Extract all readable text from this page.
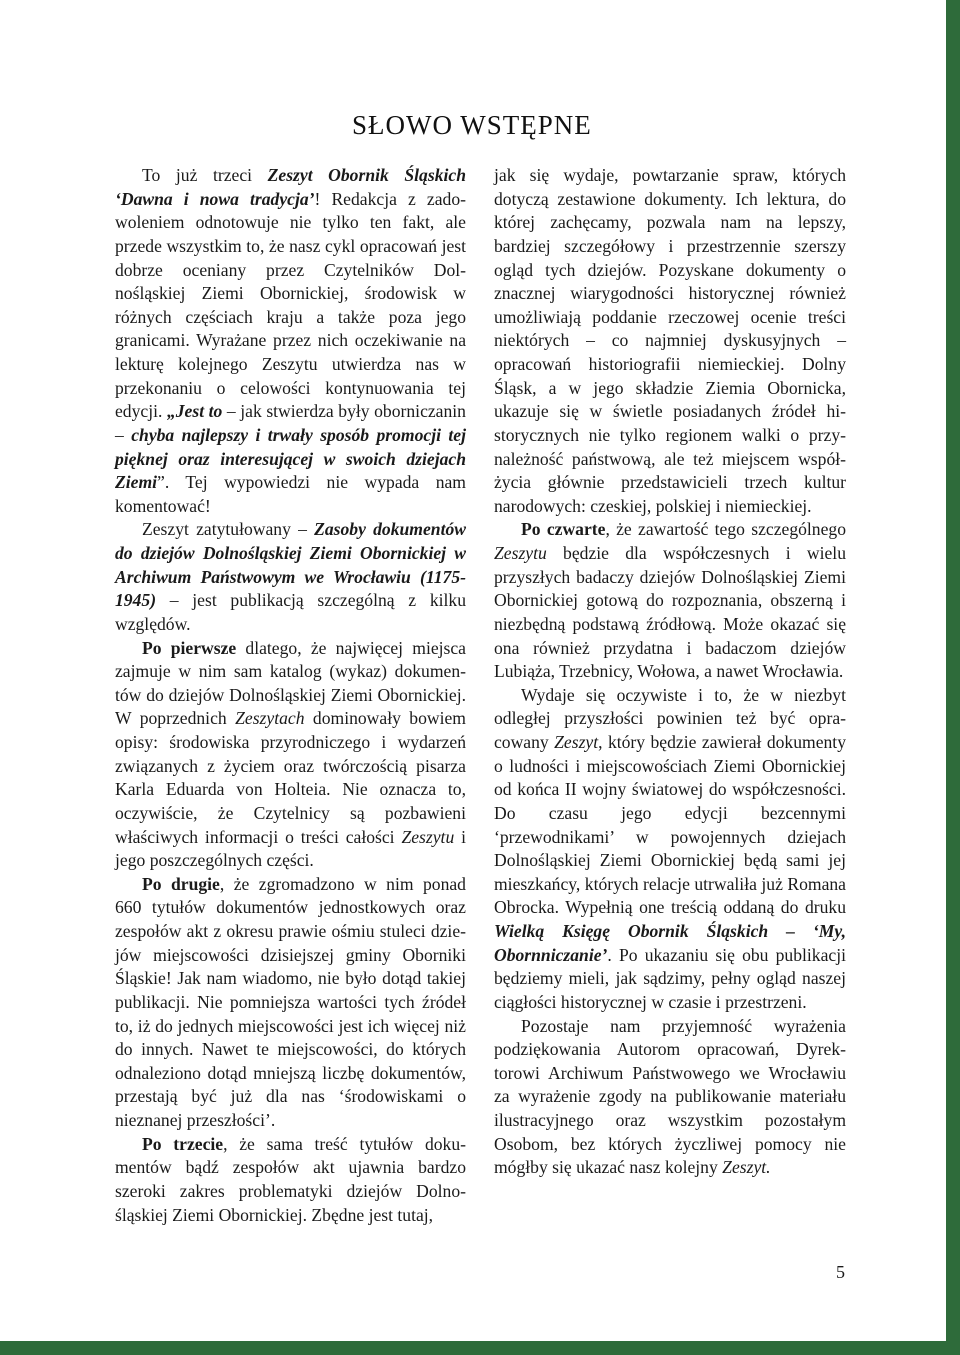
SŁOWO WSTĘPNE

To już trzeci Zeszyt Obornik Śląskich ‘Dawna i nowa tradycja’! Redakcja z zadowoleniem odnotowuje nie tylko ten fakt, ale przede wszystkim to, że nasz cykl opracowań jest dobrze oceniany przez Czytelników Dolnośląskiej Ziemi Obornickiej, środowisk w różnych częściach kraju a także poza jego granicami. Wyrażane przez nich oczekiwanie na lekturę kolejnego Zeszytu utwierdza nas w przekonaniu o celowości kontynuowania tej edycji. „Jest to – jak stwierdza były oborniczanin – chyba najlepszy i trwały sposób promocji tej pięknej oraz interesującej w swoich dziejach Ziemi”. Tej wypowiedzi nie wypada nam komentować!

Zeszyt zatytułowany – Zasoby dokumentów do dziejów Dolnośląskiej Ziemi Obornickiej w Archiwum Państwowym we Wrocławiu (1175-1945) – jest publikacją szczególną z kilku względów.

Po pierwsze dlatego, że najwięcej miejsca zajmuje w nim sam katalog (wykaz) dokumentów do dziejów Dolnośląskiej Ziemi Obornickiej. W poprzednich Zeszytach dominowały bowiem opisy: środowiska przyrodniczego i wydarzeń związanych z życiem oraz twórczością pisarza Karla Eduarda von Holteia. Nie oznacza to, oczywiście, że Czytelnicy są pozbawieni właściwych informacji o treści całości Zeszytu i jego poszczególnych części.

Po drugie, że zgromadzono w nim ponad 660 tytułów dokumentów jednostkowych oraz zespołów akt z okresu prawie ośmiu stuleci dziejów miejscowości dzisiejszej gminy Oborniki Śląskie! Jak nam wiadomo, nie było dotąd takiej publikacji. Nie pomniejsza wartości tych źródeł to, iż do jednych miejscowości jest ich więcej niż do innych. Nawet te miejscowości, do których odnaleziono dotąd mniejszą liczbę dokumentów, przestają być już dla nas ‘środowiskami o nieznanej przeszłości’.

Po trzecie, że sama treść tytułów dokumentów bądź zespołów akt ujawnia bardzo szeroki zakres problematyki dziejów Dolnośląskiej Ziemi Obornickiej. Zbędne jest tutaj,

jak się wydaje, powtarzanie spraw, których dotyczą zestawione dokumenty. Ich lektura, do której zachęcamy, pozwala nam na lepszy, bardziej szczegółowy i przestrzennie szerszy ogląd tych dziejów. Pozyskane dokumenty o znacznej wiarygodności historycznej również umożliwiają poddanie rzeczowej ocenie treści niektórych – co najmniej dyskusyjnych – opracowań historiografii niemieckiej. Dolny Śląsk, a w jego składzie Ziemia Obornicka, ukazuje się w świetle posiadanych źródeł historycznych nie tylko regionem walki o przynależność państwową, ale też miejscem współżycia głównie przedstawicieli trzech kultur narodowych: czeskiej, polskiej i niemieckiej.

Po czwarte, że zawartość tego szczególnego Zeszytu będzie dla współczesnych i wielu przyszłych badaczy dziejów Dolnośląskiej Ziemi Obornickiej gotową do rozpoznania, obszerną i niezbędną podstawą źródłową. Może okazać się ona również przydatna i badaczom dziejów Lubiąża, Trzebnicy, Wołowa, a nawet Wrocławia.

Wydaje się oczywiste i to, że w niezbyt odległej przyszłości powinien też być opracowany Zeszyt, który będzie zawierał dokumenty o ludności i miejscowościach Ziemi Obornickiej od końca II wojny światowej do współczesności. Do czasu jego edycji bezcennymi ‘przewodnikami’ w powojennych dziejach Dolnośląskiej Ziemi Obornickiej będą sami jej mieszkańcy, których relacje utrwaliła już Romana Obrocka. Wypełnią one treścią oddaną do druku Wielką Księgę Obornik Śląskich – ‘My, Obornniczanie’. Po ukazaniu się obu publikacji będziemy mieli, jak sądzimy, pełny ogląd naszej ciągłości historycznej w czasie i przestrzeni.

Pozostaje nam przyjemność wyrażenia podziękowania Autorom opracowań, Dyrektorowi Archiwum Państwowego we Wrocławiu za wyrażenie zgody na publikowanie materiału ilustracyjnego oraz wszystkim pozostałym Osobom, bez których życzliwej pomocy nie mógłby się ukazać nasz kolejny Zeszyt.

5
